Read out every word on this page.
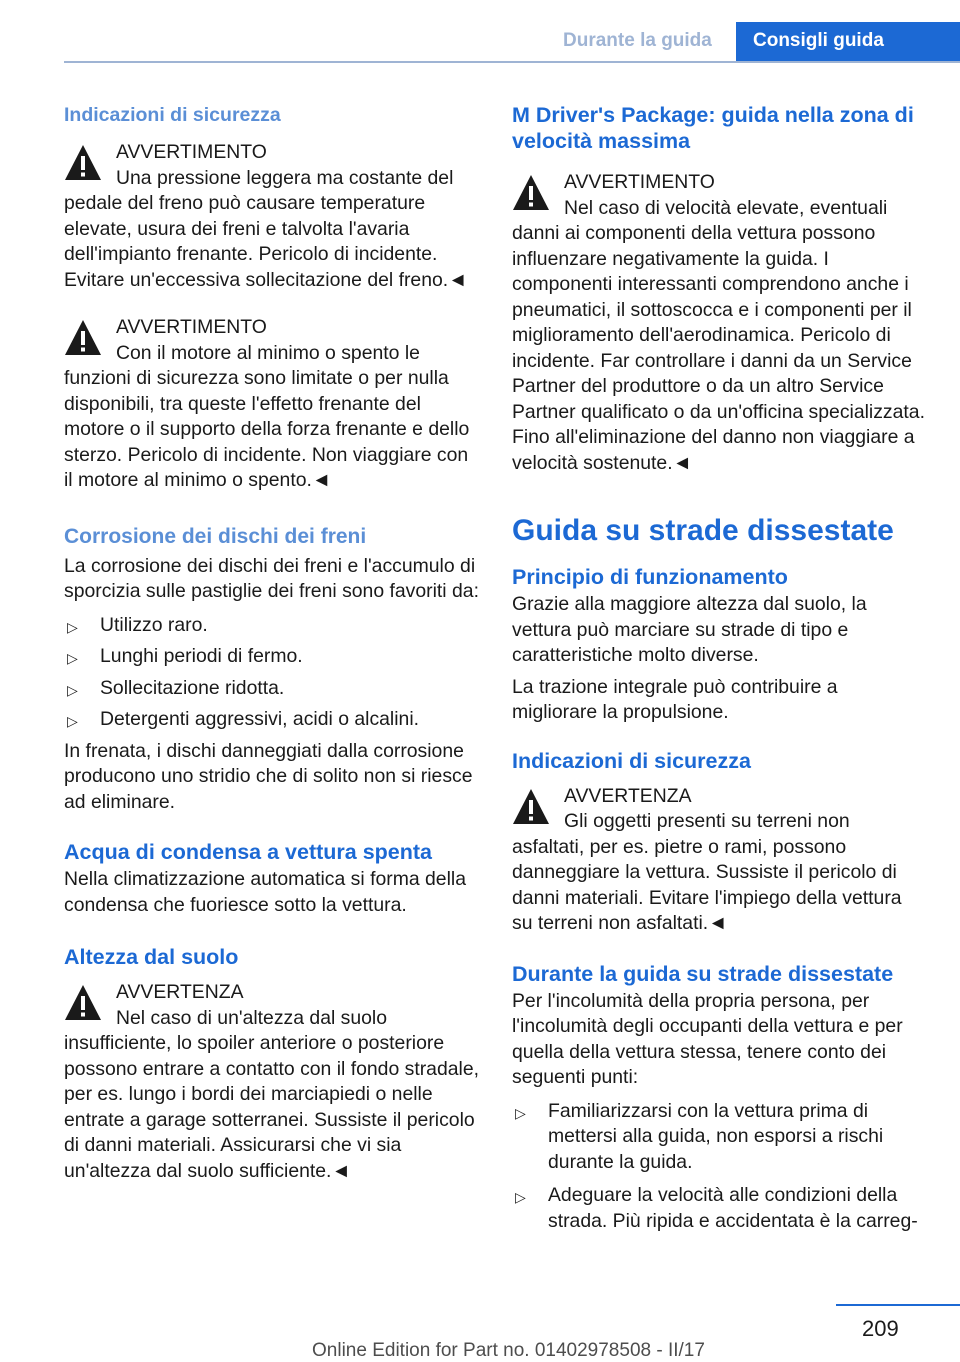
Durante la guida	Consigli guida
Indicazioni di sicurezza
AVVERTIMENTO

Una pressione leggera ma costante del pedale del freno può causare temperature elevate, usura dei freni e talvolta l'avaria dell'impianto frenante. Pericolo di incidente. Evitare un'eccessiva sollecitazione del freno.◄

AVVERTIMENTO

Con il motore al minimo o spento le funzioni di sicurezza sono limitate o per nulla disponibili, tra queste l'effetto frenante del motore o il supporto della forza frenante e dello sterzo. Pericolo di incidente. Non viaggiare con il motore al minimo o spento.◄

Corrosione dei dischi dei freni

La corrosione dei dischi dei freni e l'accumulo di sporcizia sulle pastiglie dei freni sono favoriti da:

▷ Utilizzo raro.
▷ Lunghi periodi di fermo.
▷ Sollecitazione ridotta.
▷ Detergenti aggressivi, acidi o alcalini.

In frenata, i dischi danneggiati dalla corrosione producono uno stridio che di solito non si riesce ad eliminare.

Acqua di condensa a vettura spenta

Nella climatizzazione automatica si forma della condensa che fuoriesce sotto la vettura.

Altezza dal suolo
AVVERTENZA

Nel caso di un'altezza dal suolo insufficiente, lo spoiler anteriore o posteriore possono entrare a contatto con il fondo stradale, per es. lungo i bordi dei marciapiedi o nelle entrate a garage sotterranei. Sussiste il pericolo di danni materiali. Assicurarsi che vi sia un'altezza dal suolo sufficiente.◄

M Driver's Package: guida nella zona di velocità massima
AVVERTIMENTO

Nel caso di velocità elevate, eventuali danni ai componenti della vettura possono influenzare negativamente la guida. I componenti interessanti comprendono anche i pneumatici, il sottoscocca e i componenti per il miglioramento dell'aerodinamica. Pericolo di incidente. Far controllare i danni da un Service Partner del produttore o da un altro Service Partner qualificato o da un'officina specializzata. Fino all'eliminazione del danno non viaggiare a velocità sostenute.◄

Guida su strade dissestate
Principio di funzionamento

Grazie alla maggiore altezza dal suolo, la vettura può marciare su strade di tipo e caratteristiche molto diverse.

La trazione integrale può contribuire a migliorare la propulsione.

Indicazioni di sicurezza
AVVERTENZA

Gli oggetti presenti su terreni non asfaltati, per es. pietre o rami, possono danneggiare la vettura. Sussiste il pericolo di danni materiali. Evitare l'impiego della vettura su terreni non asfaltati.◄

Durante la guida su strade dissestate

Per l'incolumità della propria persona, per l'incolumità degli occupanti della vettura e per quella della vettura stessa, tenere conto dei seguenti punti:

▷ Familiarizzarsi con la vettura prima di mettersi alla guida, non esporsi a rischi durante la guida.
▷ Adeguare la velocità alle condizioni della strada. Più ripida e accidentata è la carreg-
209
Online Edition for Part no. 01402978508 - II/17
